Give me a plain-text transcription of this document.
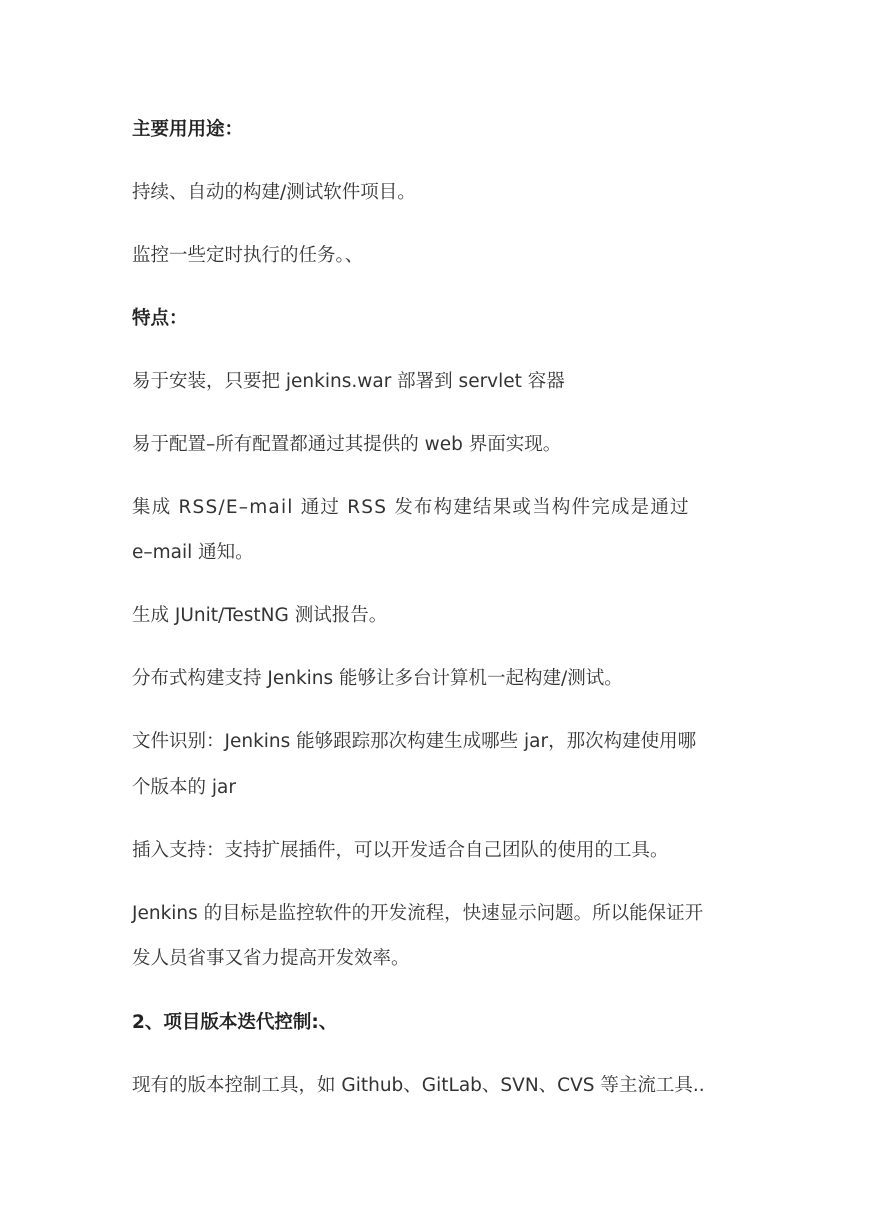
主要用用途：
持续、自动的构建/测试软件项目。
监控一些定时执行的任务。、
特点：
易于安装，只要把 jenkins.war 部署到 servlet 容器
易于配置–所有配置都通过其提供的 web 界面实现。
集成 RSS/E–mail 通过 RSS 发布构建结果或当构件完成是通过
e–mail 通知。
生成 JUnit/TestNG 测试报告。
分布式构建支持 Jenkins 能够让多台计算机一起构建/测试。
文件识别：Jenkins 能够跟踪那次构建生成哪些 jar，那次构建使用哪
个版本的 jar
插入支持：支持扩展插件，可以开发适合自己团队的使用的工具。
Jenkins 的目标是监控软件的开发流程，快速显示问题。所以能保证开
发人员省事又省力提高开发效率。
2、项目版本迭代控制:、
现有的版本控制工具，如 Github、GitLab、SVN、CVS 等主流工具..
